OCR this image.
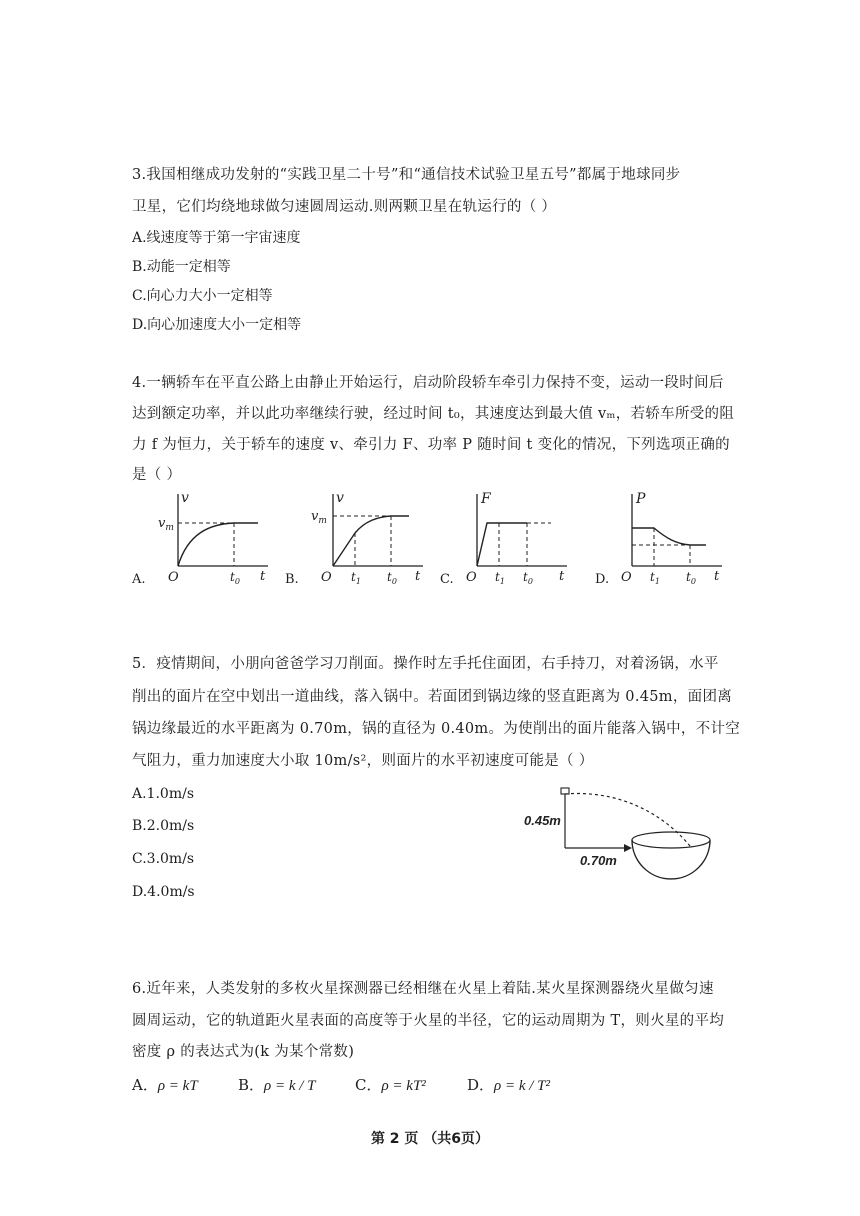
3.我国相继成功发射的“实践卫星二十号”和“通信技术试验卫星五号”都属于地球同步
卫星，它们均绕地球做匀速圆周运动.则两颗卫星在轨运行的（ ）
A.线速度等于第一宇宙速度
B.动能一定相等
C.向心力大小一定相等
D.向心加速度大小一定相等
4.一辆轿车在平直公路上由静止开始运行，启动阶段轿车牵引力保持不变，运动一段时间后
达到额定功率，并以此功率继续行驶，经过时间 t₀，其速度达到最大值 vₘ，若轿车所受的阻
力 f 为恒力，关于轿车的速度 v、牵引力 F、功率 P 随时间 t 变化的情况，下列选项正确的
是（ ）
A.	B.	C.	D.
v
$v_m$
O	$t_0$ t
v
$v_m$
O $t_1$ $t_0$ t
F
O $t_1$ $t_0$ t
P
O $t_1$ $t_0$ t
5．疫情期间，小朋向爸爸学习刀削面。操作时左手托住面团，右手持刀，对着汤锅，水平
削出的面片在空中划出一道曲线，落入锅中。若面团到锅边缘的竖直距离为 0.45m，面团离
锅边缘最近的水平距离为 0.70m，锅的直径为 0.40m。为使削出的面片能落入锅中，不计空
气阻力，重力加速度大小取 10m/s²，则面片的水平初速度可能是（ ）
A.1.0m/s
B.2.0m/s
C.3.0m/s
D.4.0m/s
0.45m
0.70m
6.近年来，人类发射的多枚火星探测器已经相继在火星上着陆.某火星探测器绕火星做匀速
圆周运动，它的轨道距火星表面的高度等于火星的半径，它的运动周期为 T，则火星的平均
密度 ρ 的表达式为(k 为某个常数)
A．ρ = kT	B．ρ = k / T	C．ρ = kT²	D．ρ = k / T²
第 2 页 （共6页）
